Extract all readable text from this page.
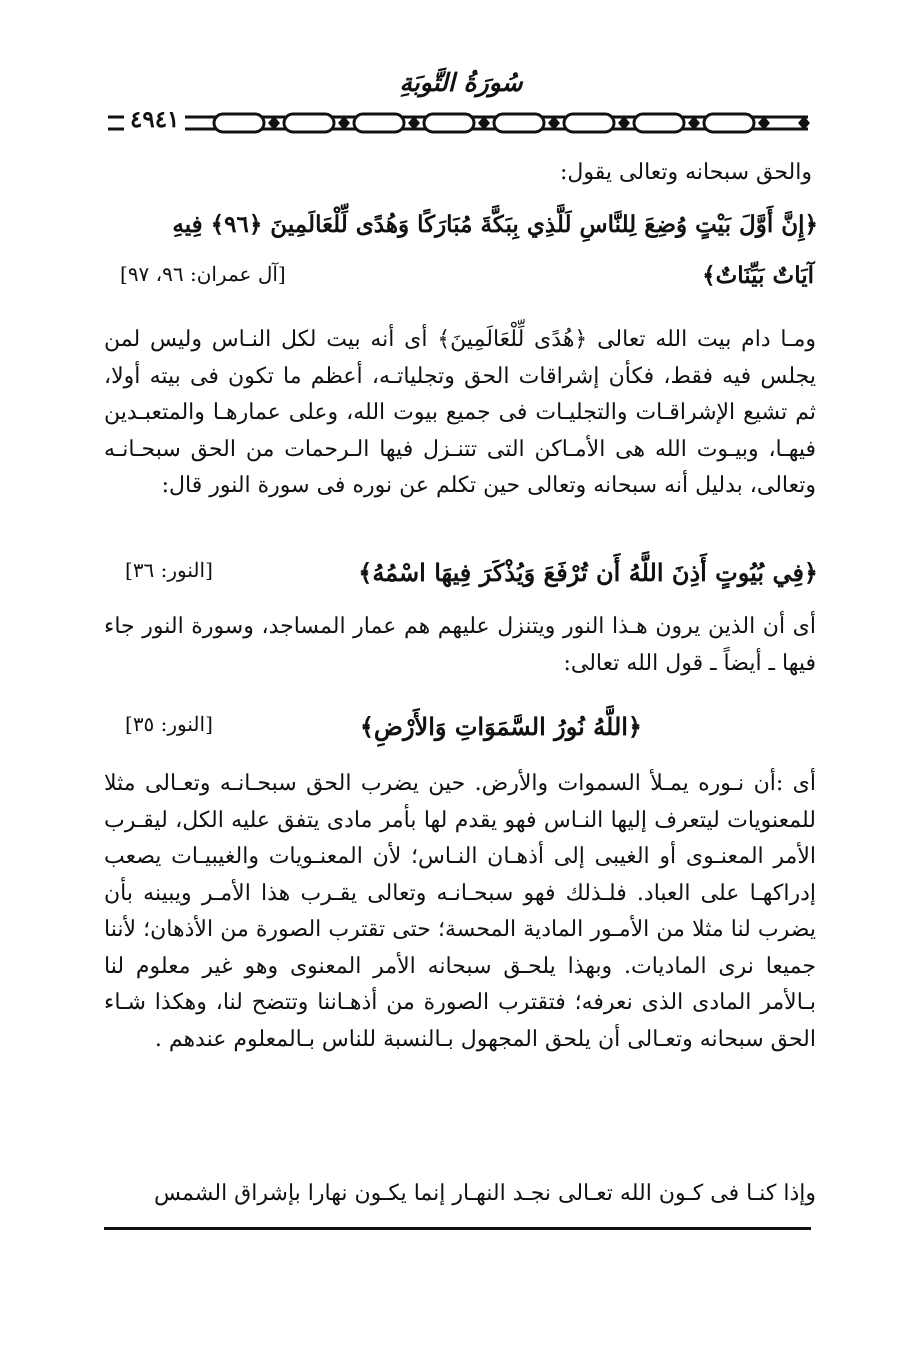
سُورَةُ التَّوبَةِ
٤٩٤١
والحق سبحانه وتعالى يقول:
﴿إِنَّ أَوَّلَ بَيْتٍ وُضِعَ لِلنَّاسِ لَلَّذِي بِبَكَّةَ مُبَارَكًا وَهُدًى لِّلْعَالَمِينَ ﴿٩٦﴾ فِيهِ
آيَاتٌ بَيِّنَاتٌ﴾
[آل عمران: ٩٦، ٩٧]
ومـا دام بيت الله تعالى ﴿هُدًى لِّلْعَالَمِينَ﴾ أى أنه بيت لكل النـاس وليس لمن يجلس فيه فقط، فكأن إشراقات الحق وتجلياتـه، أعظم ما تكون فى بيته أولا، ثم تشيع الإشراقـات والتجليـات فى جميع بيوت الله، وعلى عمارهـا والمتعبـدين فيهـا، وبيـوت الله هى الأمـاكن التى تتنـزل فيها الـرحمات من الحق سبحـانـه وتعالى، بدليل أنه سبحانه وتعالى حين تكلم عن نوره فى سورة النور قال:
﴿فِي بُيُوتٍ أَذِنَ اللَّهُ أَن تُرْفَعَ وَيُذْكَرَ فِيهَا اسْمُهُ﴾
[النور: ٣٦]
أى أن الذين يرون هـذا النور ويتنزل عليهم هم عمار المساجد، وسورة النور جاء فيها ـ أيضاً ـ قول الله تعالى:
﴿اللَّهُ نُورُ السَّمَوَاتِ وَالأَرْضِ﴾
[النور: ٣٥]
أى :أن نـوره يمـلأ السموات والأرض. حين يضرب الحق سبحـانـه وتعـالى مثلا للمعنويات ليتعرف إليها النـاس فهو يقدم لها بأمر مادى يتفق عليه الكل، ليقـرب الأمر المعنـوى أو الغيبى إلى أذهـان النـاس؛ لأن المعنـويات والغيبيـات يصعب إدراكهـا على العباد. فلـذلك فهو سبحـانـه وتعالى يقـرب هذا الأمـر ويبينه بأن يضرب لنا مثلا من الأمـور المادية المحسة؛ حتى تقترب الصورة من الأذهان؛ لأننا جميعا نرى الماديات. وبهذا يلحـق سبحانه الأمر المعنوى وهو غير معلوم لنا بـالأمر المادى الذى نعرفه؛ فتقترب الصورة من أذهـاننا وتتضح لنا، وهكذا شـاء الحق سبحانه وتعـالى أن يلحق المجهول بـالنسبة للناس بـالمعلوم عندهم .
وإذا كنـا فى كـون الله تعـالى نجـد النهـار إنما يكـون نهارا بإشراق الشمس
